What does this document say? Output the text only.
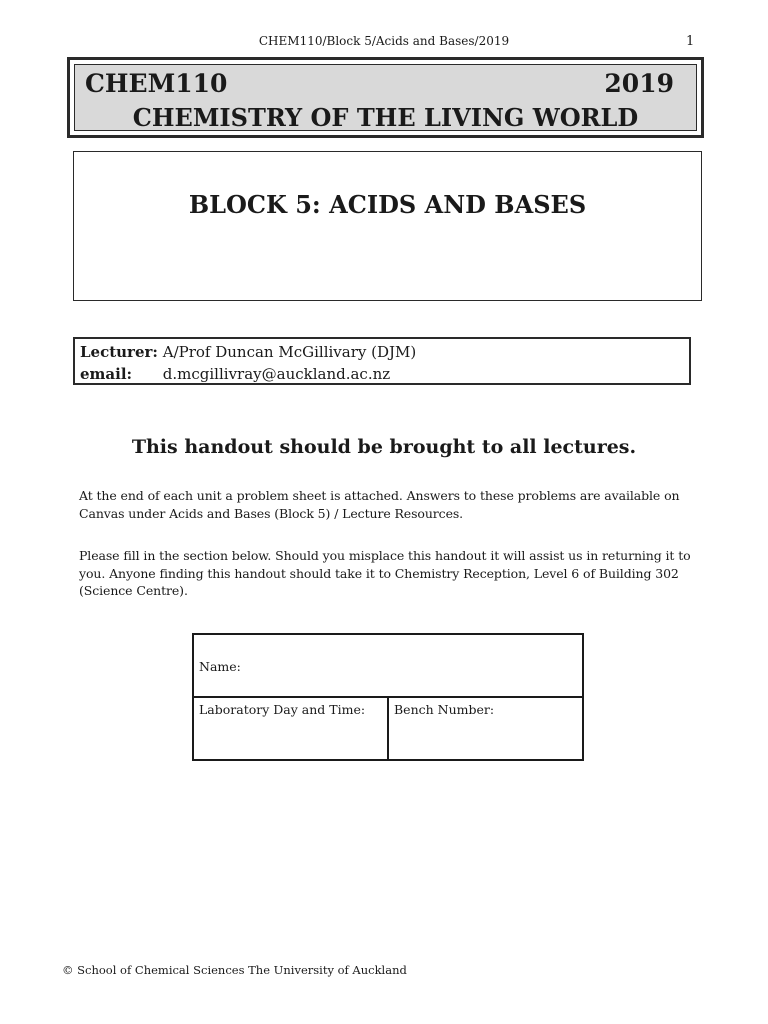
CHEM110/Block 5/Acids and Bases/2019	1
CHEM110	2019
CHEMISTRY OF THE LIVING WORLD
BLOCK 5: ACIDS AND BASES
Lecturer: A/Prof Duncan McGillivary (DJM)
email: d.mcgillivray@auckland.ac.nz
This handout should be brought to all lectures.
At the end of each unit a problem sheet is attached. Answers to these problems are available on Canvas under Acids and Bases (Block 5) / Lecture Resources.
Please fill in the section below. Should you misplace this handout it will assist us in returning it to you. Anyone finding this handout should take it to Chemistry Reception, Level 6 of Building 302 (Science Centre).
Name:
Laboratory Day and Time: Bench Number:
© School of Chemical Sciences The University of Auckland
